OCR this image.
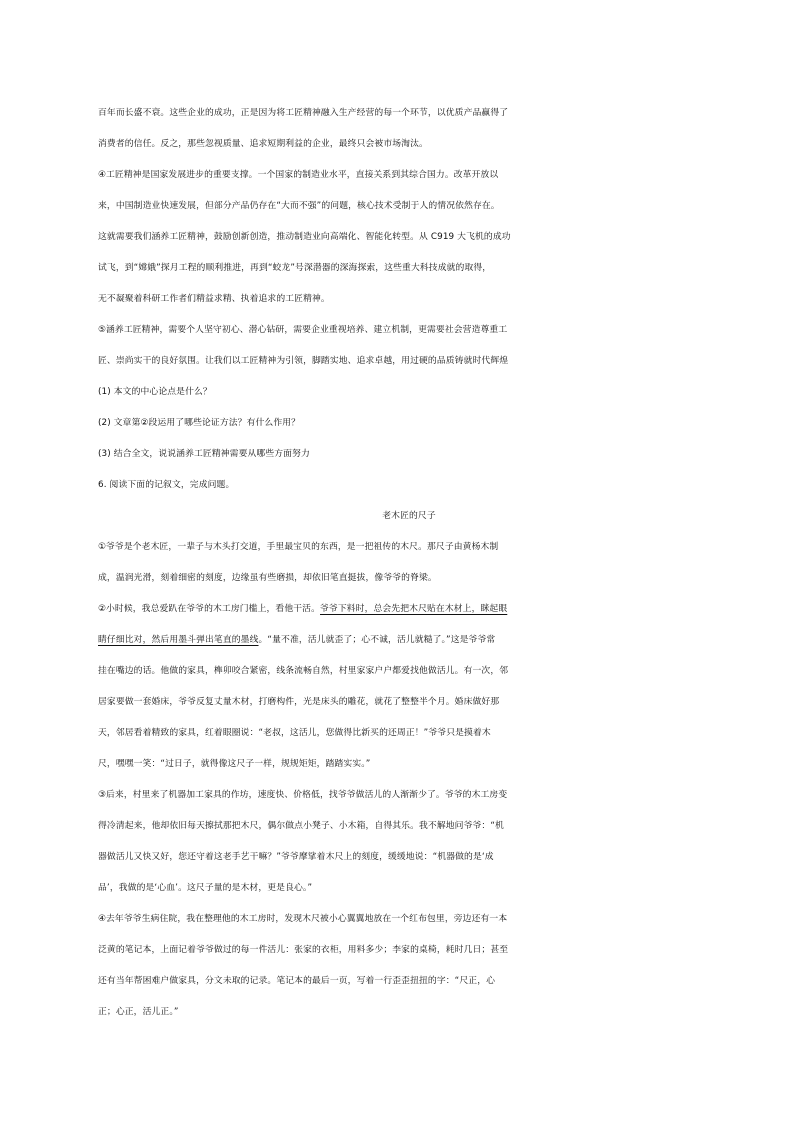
百年而长盛不衰。这些企业的成功，正是因为将工匠精神融入生产经营的每一个环节，以优质产品赢得了

消费者的信任。反之，那些忽视质量、追求短期利益的企业，最终只会被市场淘汰。

④工匠精神是国家发展进步的重要支撑。一个国家的制造业水平，直接关系到其综合国力。改革开放以

来，中国制造业快速发展，但部分产品仍存在“大而不强”的问题，核心技术受制于人的情况依然存在。

这就需要我们涵养工匠精神，鼓励创新创造，推动制造业向高端化、智能化转型。从 C919 大飞机的成功

试飞，到“嫦娥”探月工程的顺利推进，再到“蛟龙”号深潜器的深海探索，这些重大科技成就的取得，

无不凝聚着科研工作者们精益求精、执着追求的工匠精神。

⑤涵养工匠精神，需要个人坚守初心、潜心钻研，需要企业重视培养、建立机制，更需要社会营造尊重工

匠、崇尚实干的良好氛围。让我们以工匠精神为引领，脚踏实地、追求卓越，用过硬的品质铸就时代辉煌

(1) 本文的中心论点是什么？

(2) 文章第②段运用了哪些论证方法？有什么作用？

(3) 结合全文，说说涵养工匠精神需要从哪些方面努力

6. 阅读下面的记叙文，完成问题。

老木匠的尺子

①爷爷是个老木匠，一辈子与木头打交道，手里最宝贝的东西，是一把祖传的木尺。那尺子由黄杨木制

成，温润光滑，刻着细密的刻度，边缘虽有些磨损，却依旧笔直挺拔，像爷爷的脊梁。

②小时候，我总爱趴在爷爷的木工房门槛上，看他干活。爷爷下料时，总会先把木尺贴在木材上，眯起眼

睛仔细比对，然后用墨斗弹出笔直的墨线。“量不准，活儿就歪了；心不诚，活儿就糙了。”这是爷爷常

挂在嘴边的话。他做的家具，榫卯咬合紧密，线条流畅自然，村里家家户户都爱找他做活儿。有一次，邻

居家要做一套婚床，爷爷反复丈量木材，打磨构件，光是床头的雕花，就花了整整半个月。婚床做好那

天，邻居看着精致的家具，红着眼圈说：“老叔，这活儿，您做得比新买的还周正！”爷爷只是摸着木

尺，嘿嘿一笑：“过日子，就得像这尺子一样，规规矩矩，踏踏实实。”

③后来，村里来了机器加工家具的作坊，速度快、价格低，找爷爷做活儿的人渐渐少了。爷爷的木工房变

得冷清起来，他却依旧每天擦拭那把木尺，偶尔做点小凳子、小木箱，自得其乐。我不解地问爷爷：“机

器做活儿又快又好，您还守着这老手艺干嘛？”爷爷摩挲着木尺上的刻度，缓缓地说：“机器做的是‘成

品’，我做的是‘心血’。这尺子量的是木材，更是良心。”

④去年爷爷生病住院，我在整理他的木工房时，发现木尺被小心翼翼地放在一个红布包里，旁边还有一本

泛黄的笔记本，上面记着爷爷做过的每一件活儿：张家的衣柜，用料多少；李家的桌椅，耗时几日；甚至

还有当年帮困难户做家具，分文未取的记录。笔记本的最后一页，写着一行歪歪扭扭的字：“尺正，心

正；心正，活儿正。”
